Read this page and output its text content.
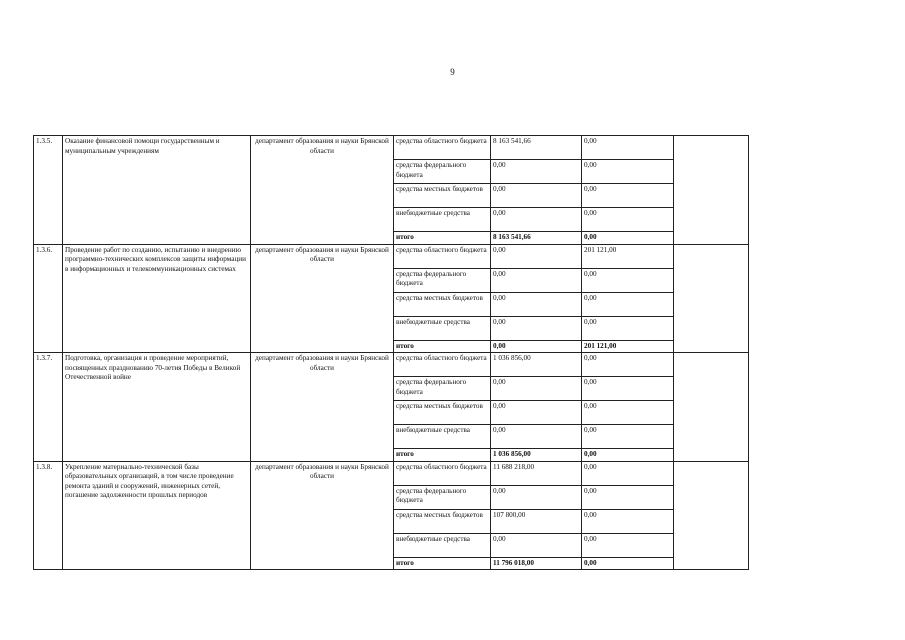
9
1.3.5.	Оказание финансовой помощи государственным и муниципальным учреждениям	департамент образования и науки Брянской области	средства областного бюджета	8 163 541,66	0,00	
			средства федерального бюджета	0,00	0,00	
			средства местных бюджетов	0,00	0,00	
			внебюджетные средства	0,00	0,00	
			итого	8 163 541,66	0,00	
1.3.6.	Проведение работ по созданию, испытанию и внедрению программно-технических комплексов защиты информации в информационных и телекоммуникационных системах	департамент образования и науки Брянской области	средства областного бюджета	0,00	201 121,00	
			средства федерального бюджета	0,00	0,00	
			средства местных бюджетов	0,00	0,00	
			внебюджетные средства	0,00	0,00	
			итого	0,00	201 121,00	
1.3.7.	Подготовка, организация и проведение мероприятий, посвященных празднованию 70-летия Победы в Великой Отечественной войне	департамент образования и науки Брянской области	средства областного бюджета	1 036 856,00	0,00	
			средства федерального бюджета	0,00	0,00	
			средства местных бюджетов	0,00	0,00	
			внебюджетные средства	0,00	0,00	
			итого	1 036 856,00	0,00	
1.3.8.	Укрепление материально-технической базы образовательных организаций, в том числе проведение ремонта зданий и сооружений, инженерных сетей, погашение задолженности прошлых периодов	департамент образования и науки Брянской области	средства областного бюджета	11 688 218,00	0,00	
			средства федерального бюджета	0,00	0,00	
			средства местных бюджетов	107 800,00	0,00	
			внебюджетные средства	0,00	0,00	
			итого	11 796 018,00	0,00	
